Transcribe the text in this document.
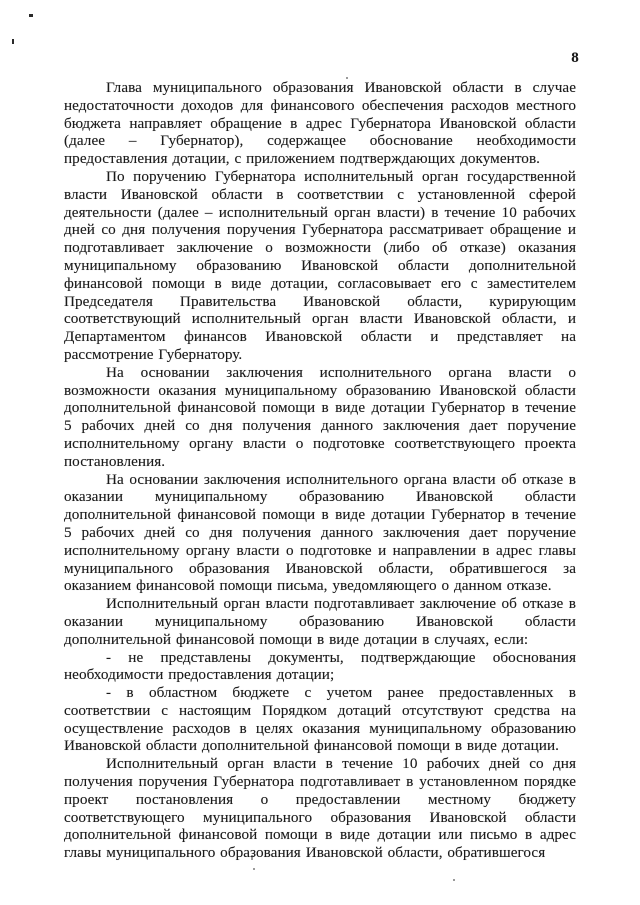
8

Глава муниципального образования Ивановской области в случае недостаточности доходов для финансового обеспечения расходов местного бюджета направляет обращение в адрес Губернатора Ивановской области (далее – Губернатор), содержащее обоснование необходимости предоставления дотации, с приложением подтверждающих документов.

По поручению Губернатора исполнительный орган государственной власти Ивановской области в соответствии с установленной сферой деятельности (далее – исполнительный орган власти) в течение 10 рабочих дней со дня получения поручения Губернатора рассматривает обращение и подготавливает заключение о возможности (либо об отказе) оказания муниципальному образованию Ивановской области дополнительной финансовой помощи в виде дотации, согласовывает его с заместителем Председателя Правительства Ивановской области, курирующим соответствующий исполнительный орган власти Ивановской области, и Департаментом финансов Ивановской области и представляет на рассмотрение Губернатору.

На основании заключения исполнительного органа власти о возможности оказания муниципальному образованию Ивановской области дополнительной финансовой помощи в виде дотации Губернатор в течение 5 рабочих дней со дня получения данного заключения дает поручение исполнительному органу власти о подготовке соответствующего проекта постановления.

На основании заключения исполнительного органа власти об отказе в оказании муниципальному образованию Ивановской области дополнительной финансовой помощи в виде дотации Губернатор в течение 5 рабочих дней со дня получения данного заключения дает поручение исполнительному органу власти о подготовке и направлении в адрес главы муниципального образования Ивановской области, обратившегося за оказанием финансовой помощи письма, уведомляющего о данном отказе.

Исполнительный орган власти подготавливает заключение об отказе в оказании муниципальному образованию Ивановской области дополнительной финансовой помощи в виде дотации в случаях, если:

- не представлены документы, подтверждающие обоснования необходимости предоставления дотации;

- в областном бюджете с учетом ранее предоставленных в соответствии с настоящим Порядком дотаций отсутствуют средства на осуществление расходов в целях оказания муниципальному образованию Ивановской области дополнительной финансовой помощи в виде дотации.

Исполнительный орган власти в течение 10 рабочих дней со дня получения поручения Губернатора подготавливает в установленном порядке проект постановления о предоставлении местному бюджету соответствующего муниципального образования Ивановской области дополнительной финансовой помощи в виде дотации или письмо в адрес главы муниципального образования Ивановской области, обратившегося
